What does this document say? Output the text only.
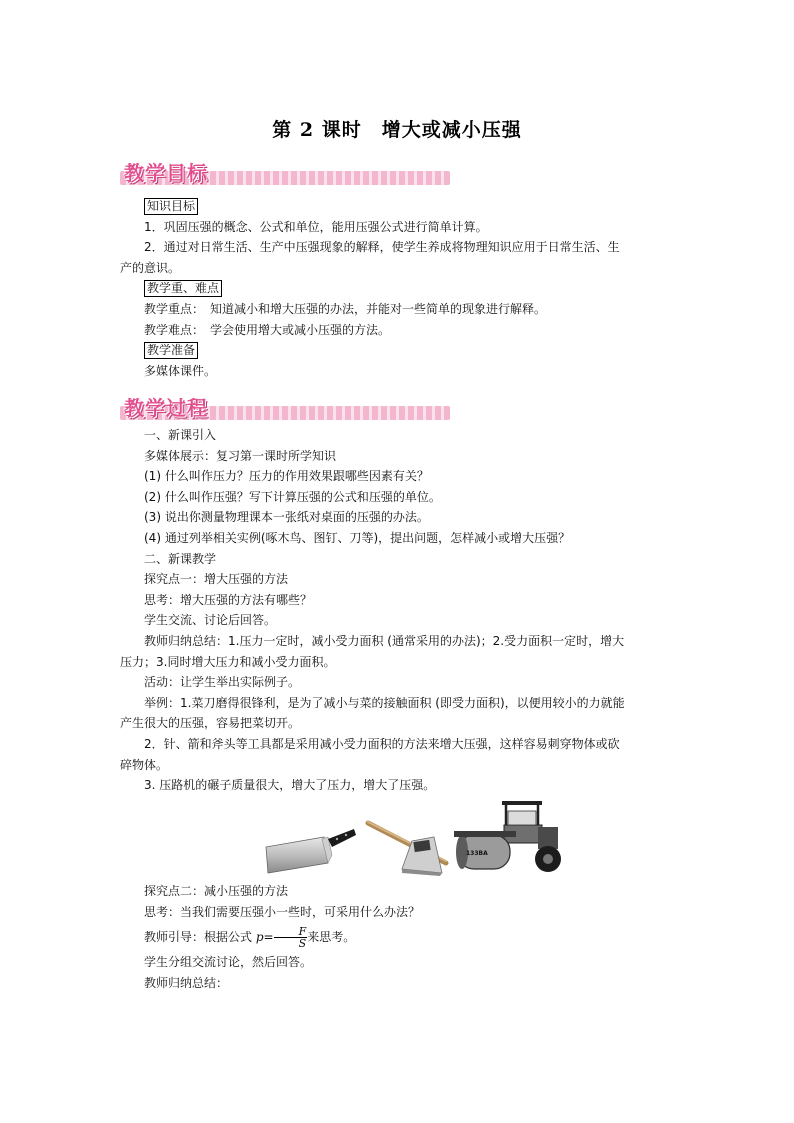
第 2 课时　增大或减小压强
教学目标
知识目标

1．巩固压强的概念、公式和单位，能用压强公式进行简单计算。

2．通过对日常生活、生产中压强现象的解释，使学生养成将物理知识应用于日常生活、生

产的意识。

教学重、难点

教学重点：　知道减小和增大压强的办法，并能对一些简单的现象进行解释。

教学难点：　学会使用增大或减小压强的方法。

教学准备

多媒体课件。

教学过程

一、新课引入

多媒体展示：复习第一课时所学知识

(1) 什么叫作压力？压力的作用效果跟哪些因素有关？

(2) 什么叫作压强？写下计算压强的公式和压强的单位。

(3) 说出你测量物理课本一张纸对桌面的压强的办法。

(4) 通过列举相关实例(啄木鸟、图钉、刀等)，提出问题，怎样减小或增大压强？

二、新课教学

探究点一：增大压强的方法

思考：增大压强的方法有哪些？

学生交流、讨论后回答。

教师归纳总结：1.压力一定时，减小受力面积 (通常采用的办法)；2.受力面积一定时，增大

压力；3.同时增大压力和减小受力面积。

活动：让学生举出实际例子。

举例：1.菜刀磨得很锋利，是为了减小与菜的接触面积 (即受力面积)，以便用较小的力就能

产生很大的压强，容易把菜切开。

2．针、箭和斧头等工具都是采用减小受力面积的方法来增大压强，这样容易刺穿物体或砍

碎物体。

3. 压路机的碾子质量很大，增大了压力，增大了压强。

133BA

探究点二：减小压强的方法

思考：当我们需要压强小一些时，可采用什么办法？

教师引导：根据公式 $p= \frac{F}{S}$ 来思考。

学生分组交流讨论，然后回答。

教师归纳总结：
